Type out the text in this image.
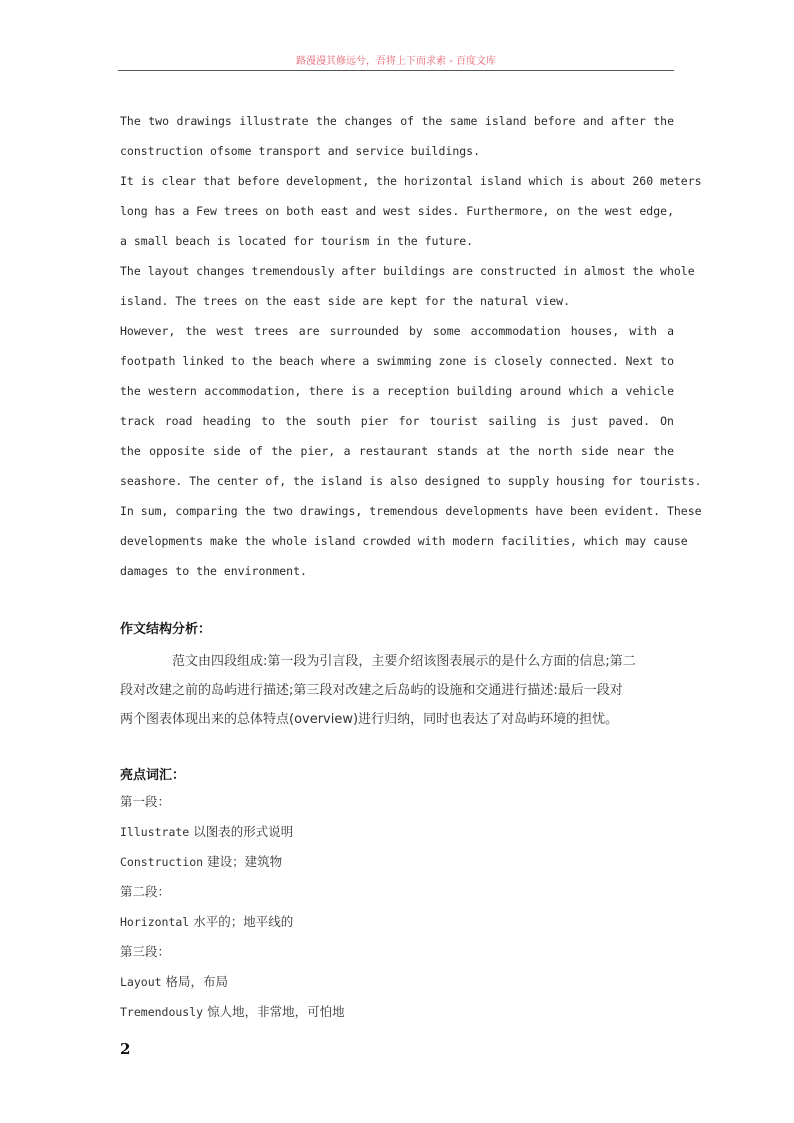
路漫漫其修远兮，吾将上下而求索 - 百度文库
The two drawings illustrate the changes of the same island before and after the
construction ofsome transport and service buildings.
It is clear that before development, the horizontal island which is about 260 meters
long has a Few trees on both east and west sides. Furthermore, on the west edge,
a small beach is located for tourism in the future.
The layout changes tremendously after buildings are constructed in almost the whole
island. The trees on the east side are kept for the natural view.
However, the west trees are surrounded by some accommodation houses, with a
footpath linked to the beach where a swimming zone is closely connected. Next to
the western accommodation, there is a reception building around which a vehicle
track road heading to the south pier for tourist sailing is just paved. On
the opposite side of the pier, a restaurant stands at the north side near the
seashore. The center of, the island is also designed to supply housing for tourists.
In sum, comparing the two drawings, tremendous developments have been evident. These
developments make the whole island crowded with modern facilities, which may cause
damages to the environment.
作文结构分析：
范文由四段组成:第一段为引言段，主要介绍该图表展示的是什么方面的信息;第二
段对改建之前的岛屿进行描述;第三段对改建之后岛屿的设施和交通进行描述:最后一段对
两个图表体现出来的总体特点(overview)进行归纳，同时也表达了对岛屿环境的担忧。
亮点词汇：
第一段：
Illustrate 以图表的形式说明
Construction 建设；建筑物
第二段：
Horizontal 水平的；地平线的
第三段：
Layout 格局，布局
Tremendously 惊人地，非常地，可怕地
2
